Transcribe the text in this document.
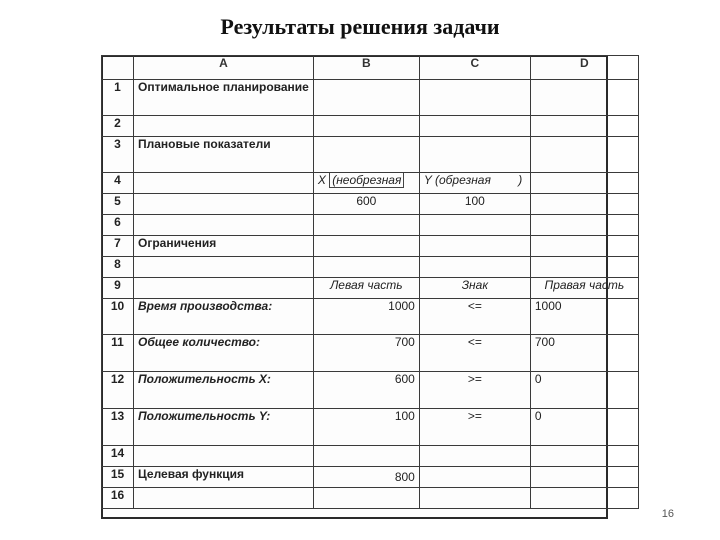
Результаты решения задачи
	A	B	C	D
1	Оптимальное планирование			
2				
3	Плановые показатели			
4		X (необрезная	Y (обрезная )	
5		600	100	
6				
7	Ограничения			
8				
9		Левая часть	Знак	Правая часть
10	Время производства:	1000	<=	1000
11	Общее количество:	700	<=	700
12	Положительность X:	600	>=	0
13	Положительность Y:	100	>=	0
14				
15	Целевая функция	800		
16				
16
